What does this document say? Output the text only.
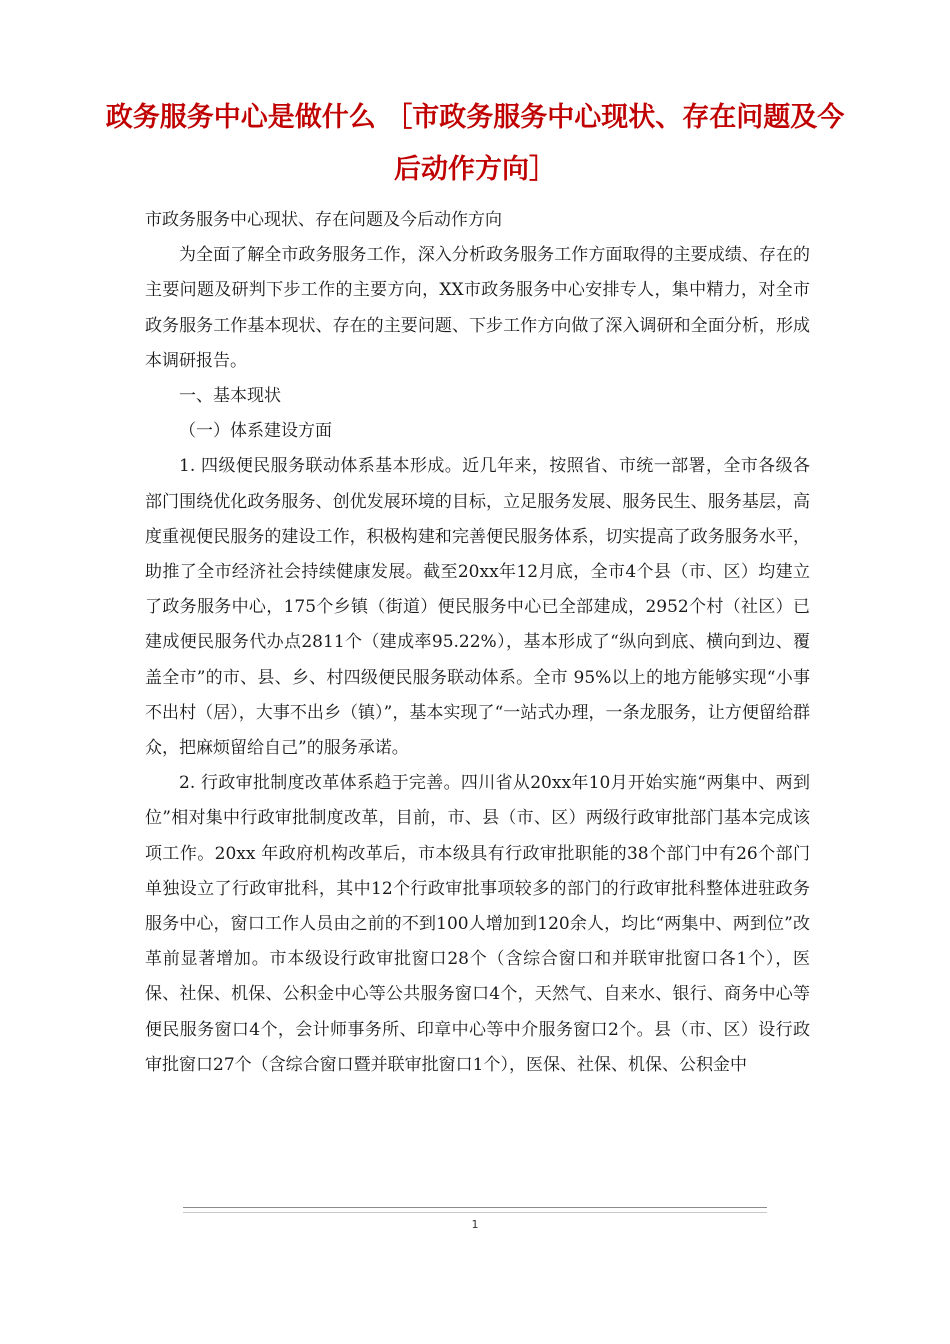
政务服务中心是做什么 ［市政务服务中心现状、存在问题及今后动作方向］

市政务服务中心现状、存在问题及今后动作方向

为全面了解全市政务服务工作，深入分析政务服务工作方面取得的主要成绩、存在的主要问题及研判下步工作的主要方向，XX市政务服务中心安排专人，集中精力，对全市政务服务工作基本现状、存在的主要问题、下步工作方向做了深入调研和全面分析，形成本调研报告。

一、基本现状

（一）体系建设方面

1. 四级便民服务联动体系基本形成。近几年来，按照省、市统一部署，全市各级各部门围绕优化政务服务、创优发展环境的目标，立足服务发展、服务民生、服务基层，高度重视便民服务的建设工作，积极构建和完善便民服务体系，切实提高了政务服务水平，助推了全市经济社会持续健康发展。截至20xx年12月底，全市4个县（市、区）均建立了政务服务中心，175个乡镇（街道）便民服务中心已全部建成，2952个村（社区）已建成便民服务代办点2811个（建成率95.22%），基本形成了“纵向到底、横向到边、覆盖全市”的市、县、乡、村四级便民服务联动体系。全市 95%以上的地方能够实现“小事不出村（居），大事不出乡（镇）”，基本实现了“一站式办理，一条龙服务，让方便留给群众，把麻烦留给自己”的服务承诺。

2. 行政审批制度改革体系趋于完善。四川省从20xx年10月开始实施“两集中、两到位”相对集中行政审批制度改革，目前，市、县（市、区）两级行政审批部门基本完成该项工作。20xx 年政府机构改革后，市本级具有行政审批职能的38个部门中有26个部门单独设立了行政审批科，其中12个行政审批事项较多的部门的行政审批科整体进驻政务服务中心，窗口工作人员由之前的不到100人增加到120余人，均比“两集中、两到位”改革前显著增加。市本级设行政审批窗口28个（含综合窗口和并联审批窗口各1个），医保、社保、机保、公积金中心等公共服务窗口4个，天然气、自来水、银行、商务中心等便民服务窗口4个，会计师事务所、印章中心等中介服务窗口2个。县（市、区）设行政审批窗口27个（含综合窗口暨并联审批窗口1个），医保、社保、机保、公积金中

1
